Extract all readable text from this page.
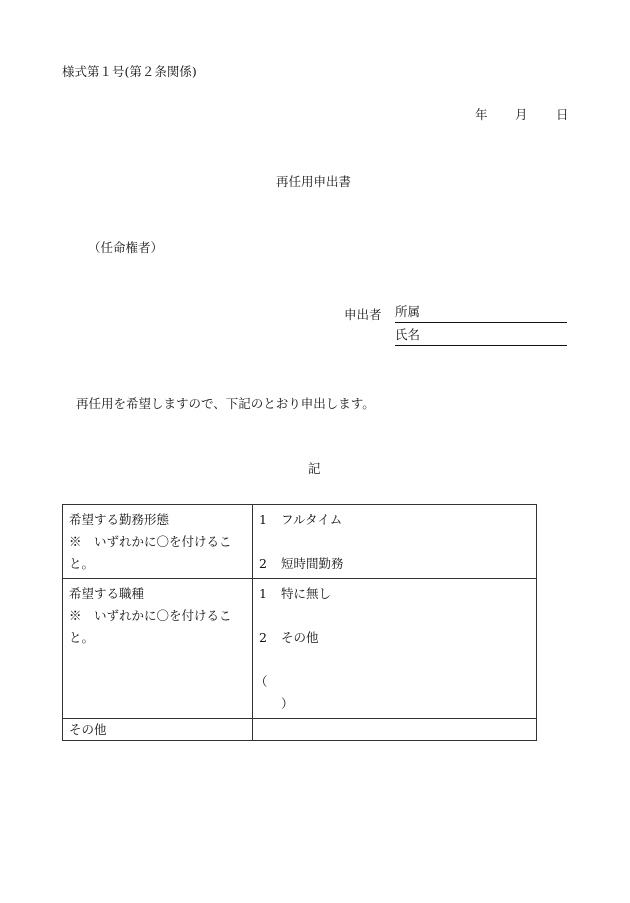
様式第１号(第２条関係)
年 月 日
再任用申出書
（任命権者）
申出者 所属
氏名
再任用を希望しますので、下記のとおり申出します。
記
希望する勤務形態
※　いずれかに〇を付けるこ
と。	1 フルタイム
2 短時間勤務

希望する職種
※　いずれかに〇を付けるこ
と。	1 特に無し
2 その他
（
）

その他	
